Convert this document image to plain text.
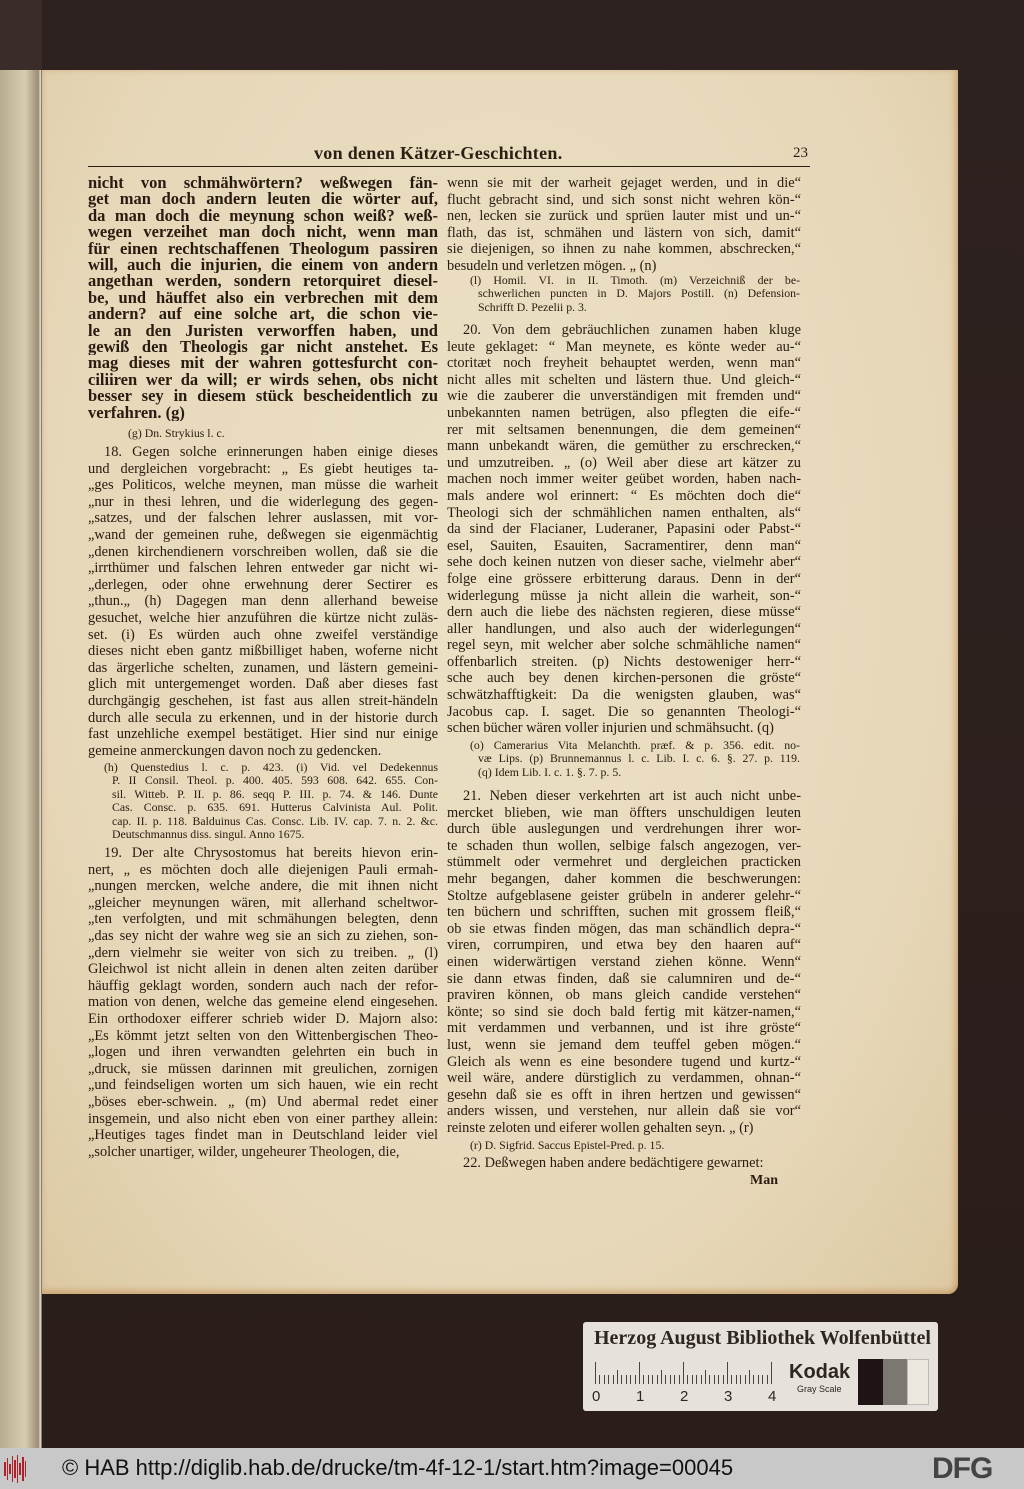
von denen Kätzer-Geschichten.	23
nicht von schmähwörtern? weßwegen fän-
get man doch andern leuten die wörter auf,
da man doch die meynung schon weiß? weß-
wegen verzeihet man doch nicht, wenn man
für einen rechtschaffenen Theologum passiren
will, auch die injurien, die einem von andern
angethan werden, sondern retorquiret diesel-
be, und häuffet also ein verbrechen mit dem
andern? auf eine solche art, die schon vie-
le an den Juristen verworffen haben, und
gewiß den Theologis gar nicht anstehet. Es
mag dieses mit der wahren gottesfurcht con-
ciliiren wer da will; er wirds sehen, obs nicht
besser sey in diesem stück bescheidentlich zu
verfahren. (g)
(g) Dn. Strykius l. c.
18. Gegen solche erinnerungen haben einige dieses
und dergleichen vorgebracht: „ Es giebt heutiges ta-
„ges Politicos, welche meynen, man müsse die warheit
„nur in thesi lehren, und die widerlegung des gegen-
„satzes, und der falschen lehrer auslassen, mit vor-
„wand der gemeinen ruhe, deßwegen sie eigenmächtig
„denen kirchendienern vorschreiben wollen, daß sie die
„irrthümer und falschen lehren entweder gar nicht wi-
„derlegen, oder ohne erwehnung derer Sectirer es
„thun.„ (h) Dagegen man denn allerhand beweise
gesuchet, welche hier anzuführen die kürtze nicht zuläs-
set. (i) Es würden auch ohne zweifel verständige
dieses nicht eben gantz mißbilliget haben, woferne nicht
das ärgerliche schelten, zunamen, und lästern gemeini-
glich mit untergemenget worden. Daß aber dieses fast
durchgängig geschehen, ist fast aus allen streit-händeln
durch alle secula zu erkennen, und in der historie durch
fast unzehliche exempel bestätiget. Hier sind nur einige
gemeine anmerckungen davon noch zu gedencken.
(h) Quenstedius l. c. p. 423. (i) Vid. vel Dedekennus
P. II Consil. Theol. p. 400. 405. 593 608. 642. 655. Con-
sil. Witteb. P. II. p. 86. seqq P. III. p. 74. & 146. Dunte
Cas. Consc. p. 635. 691. Hutterus Calvinista Aul. Polit.
cap. II. p. 118. Balduinus Cas. Consc. Lib. IV. cap. 7. n. 2. &c.
Deutschmannus diss. singul. Anno 1675.
19. Der alte Chrysostomus hat bereits hievon erin-
nert, „ es möchten doch alle diejenigen Pauli ermah-
„nungen mercken, welche andere, die mit ihnen nicht
„gleicher meynungen wären, mit allerhand scheltwor-
„ten verfolgten, und mit schmähungen belegten, denn
„das sey nicht der wahre weg sie an sich zu ziehen, son-
„dern vielmehr sie weiter von sich zu treiben. „ (l)
Gleichwol ist nicht allein in denen alten zeiten darüber
häuffig geklagt worden, sondern auch nach der refor-
mation von denen, welche das gemeine elend eingesehen.
Ein orthodoxer eifferer schrieb wider D. Majorn also:
„Es kömmt jetzt selten von den Wittenbergischen Theo-
„logen und ihren verwandten gelehrten ein buch in
„druck, sie müssen darinnen mit greulichen, zornigen
„und feindseligen worten um sich hauen, wie ein recht
„böses eber-schwein. „ (m) Und abermal redet einer
insgemein, und also nicht eben von einer parthey allein:
„Heutiges tages findet man in Deutschland leider viel
„solcher unartiger, wilder, ungeheurer Theologen, die,
wenn sie mit der warheit gejaget werden, und in die“
flucht gebracht sind, und sich sonst nicht wehren kön-“
nen, lecken sie zurück und sprüen lauter mist und un-“
flath, das ist, schmähen und lästern von sich, damit“
sie diejenigen, so ihnen zu nahe kommen, abschrecken,“
besudeln und verletzen mögen. „ (n)
(l) Homil. VI. in II. Timoth. (m) Verzeichniß der be-
schwerlichen puncten in D. Majors Postill. (n) Defension-
Schrifft D. Pezelii p. 3.
20. Von dem gebräuchlichen zunamen haben kluge
leute geklaget: “ Man meynete, es könte weder au-“
ctoritæt noch freyheit behauptet werden, wenn man“
nicht alles mit schelten und lästern thue. Und gleich-“
wie die zauberer die unverständigen mit fremden und“
unbekannten namen betrügen, also pflegten die eife-“
rer mit seltsamen benennungen, die dem gemeinen“
mann unbekandt wären, die gemüther zu erschrecken,“
und umzutreiben. „ (o) Weil aber diese art kätzer zu
machen noch immer weiter geübet worden, haben nach-
mals andere wol erinnert: “ Es möchten doch die“
Theologi sich der schmählichen namen enthalten, als“
da sind der Flacianer, Luderaner, Papasini oder Pabst-“
esel, Sauiten, Esauiten, Sacramentirer, denn man“
sehe doch keinen nutzen von dieser sache, vielmehr aber“
folge eine grössere erbitterung daraus. Denn in der“
widerlegung müsse ja nicht allein die warheit, son-“
dern auch die liebe des nächsten regieren, diese müsse“
aller handlungen, und also auch der widerlegungen“
regel seyn, mit welcher aber solche schmähliche namen“
offenbarlich streiten. (p) Nichts destoweniger herr-“
sche auch bey denen kirchen-personen die gröste“
schwätzhafftigkeit: Da die wenigsten glauben, was“
Jacobus cap. I. saget. Die so genannten Theologi-“
schen bücher wären voller injurien und schmähsucht. (q)
(o) Camerarius Vita Melanchth. præf. & p. 356. edit. no-
væ Lips. (p) Brunnemannus l. c. Lib. I. c. 6. §. 27. p. 119.
(q) Idem Lib. I. c. 1. §. 7. p. 5.
21. Neben dieser verkehrten art ist auch nicht unbe-
mercket blieben, wie man öffters unschuldigen leuten
durch üble auslegungen und verdrehungen ihrer wor-
te schaden thun wollen, selbige falsch angezogen, ver-
stümmelt oder vermehret und dergleichen practicken
mehr begangen, daher kommen die beschwerungen:
Stoltze aufgeblasene geister grübeln in anderer gelehr-“
ten büchern und schrifften, suchen mit grossem fleiß,“
ob sie etwas finden mögen, das man schändlich depra-“
viren, corrumpiren, und etwa bey den haaren auf“
einen widerwärtigen verstand ziehen könne. Wenn“
sie dann etwas finden, daß sie calumniren und de-“
praviren können, ob mans gleich candide verstehen“
könte; so sind sie doch bald fertig mit kätzer-namen,“
mit verdammen und verbannen, und ist ihre gröste“
lust, wenn sie jemand dem teuffel geben mögen.“
Gleich als wenn es eine besondere tugend und kurtz-“
weil wäre, andere dürstiglich zu verdammen, ohnan-“
gesehn daß sie es offt in ihren hertzen und gewissen“
anders wissen, und verstehen, nur allein daß sie vor“
reinste zeloten und eiferer wollen gehalten seyn. „ (r)
(r) D. Sigfrid. Saccus Epistel-Pred. p. 15.
22. Deßwegen haben andere bedächtigere gewarnet:
Man
Herzog August Bibliothek Wolfenbüttel
0 1 2 3 4
Kodak
Gray Scale
© HAB http://diglib.hab.de/drucke/tm-4f-12-1/start.htm?image=00045	DFG
